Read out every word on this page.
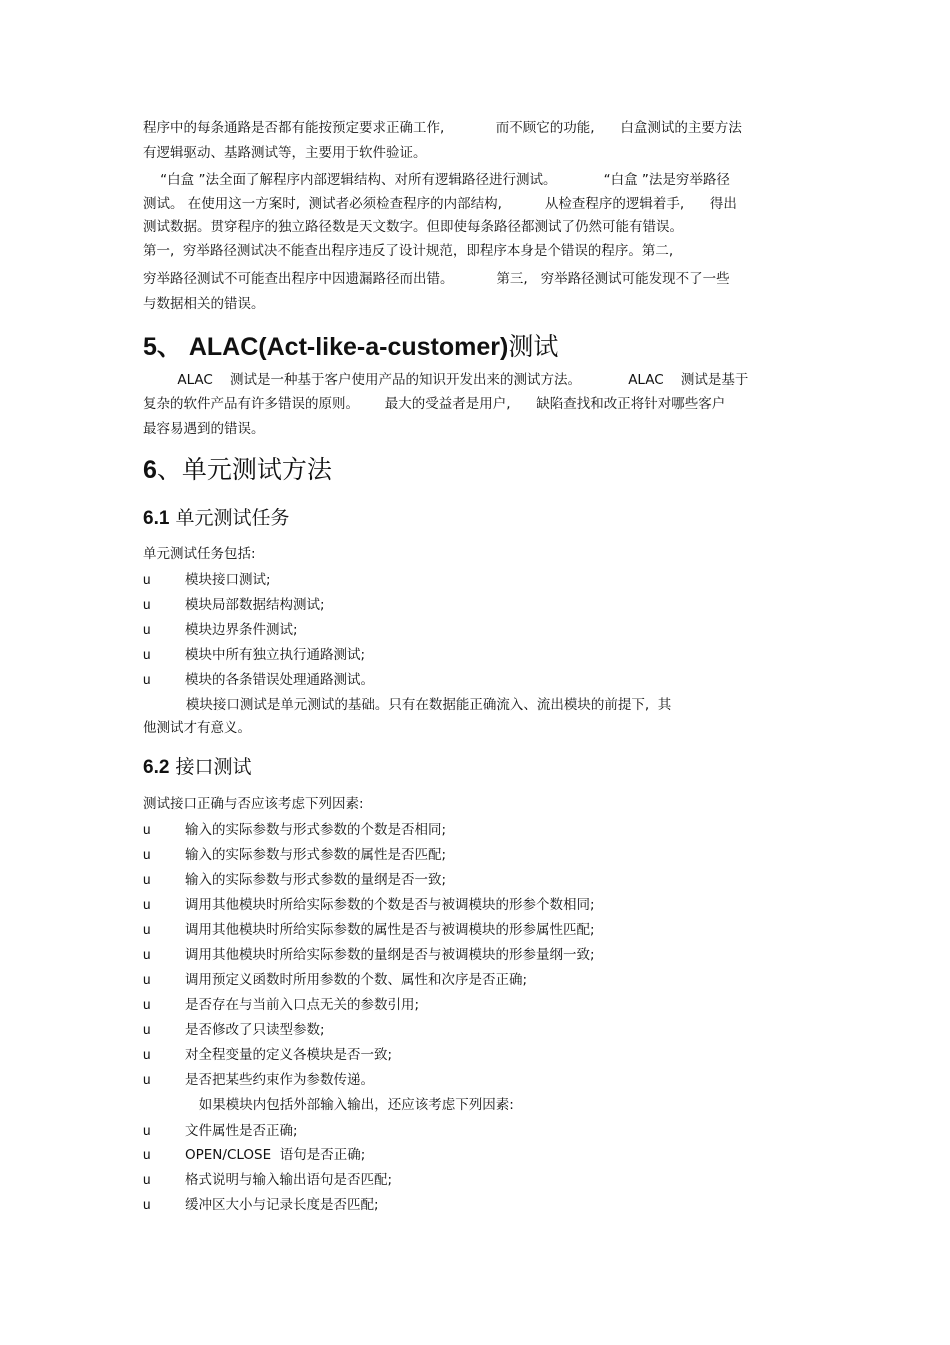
程序中的每条通路是否都有能按预定要求正确工作,            而不顾它的功能,      白盒测试的主要方法
有逻辑驱动、基路测试等，主要用于软件验证。
“白盒 ”法全面了解程序内部逻辑结构、对所有逻辑路径进行测试。           “白盒 ”法是穷举路径
测试。 在使用这一方案时,  测试者必须检查程序的内部结构,          从检查程序的逻辑着手,      得出
测试数据。贯穿程序的独立路径数是天文数字。但即使每条路径都测试了仍然可能有错误。
第一,  穷举路径测试决不能查出程序违反了设计规范，即程序本身是个错误的程序。第二,
穷举路径测试不可能查出程序中因遗漏路径而出错。          第三,   穷举路径测试可能发现不了一些
与数据相关的错误。
5、 ALAC(Act-like-a-customer)测试
ALAC    测试是一种基于客户使用产品的知识开发出来的测试方法。           ALAC    测试是基于
复杂的软件产品有许多错误的原则。      最大的受益者是用户,      缺陷查找和改正将针对哪些客户
最容易遇到的错误。
6、单元测试方法
6.1 单元测试任务
单元测试任务包括:
u	模块接口测试;
u	模块局部数据结构测试;
u	模块边界条件测试;
u	模块中所有独立执行通路测试;
u	模块的各条错误处理通路测试。
模块接口测试是单元测试的基础。只有在数据能正确流入、流出模块的前提下,  其
他测试才有意义。
6.2 接口测试
测试接口正确与否应该考虑下列因素:
u	输入的实际参数与形式参数的个数是否相同;
u	输入的实际参数与形式参数的属性是否匹配;
u	输入的实际参数与形式参数的量纲是否一致;
u	调用其他模块时所给实际参数的个数是否与被调模块的形参个数相同;
u	调用其他模块时所给实际参数的属性是否与被调模块的形参属性匹配;
u	调用其他模块时所给实际参数的量纲是否与被调模块的形参量纲一致;
u	调用预定义函数时所用参数的个数、属性和次序是否正确;
u	是否存在与当前入口点无关的参数引用;
u	是否修改了只读型参数;
u	对全程变量的定义各模块是否一致;
u	是否把某些约束作为参数传递。
如果模块内包括外部输入输出，还应该考虑下列因素:
u	文件属性是否正确;
u	OPEN/CLOSE  语句是否正确;
u	格式说明与输入输出语句是否匹配;
u	缓冲区大小与记录长度是否匹配;
